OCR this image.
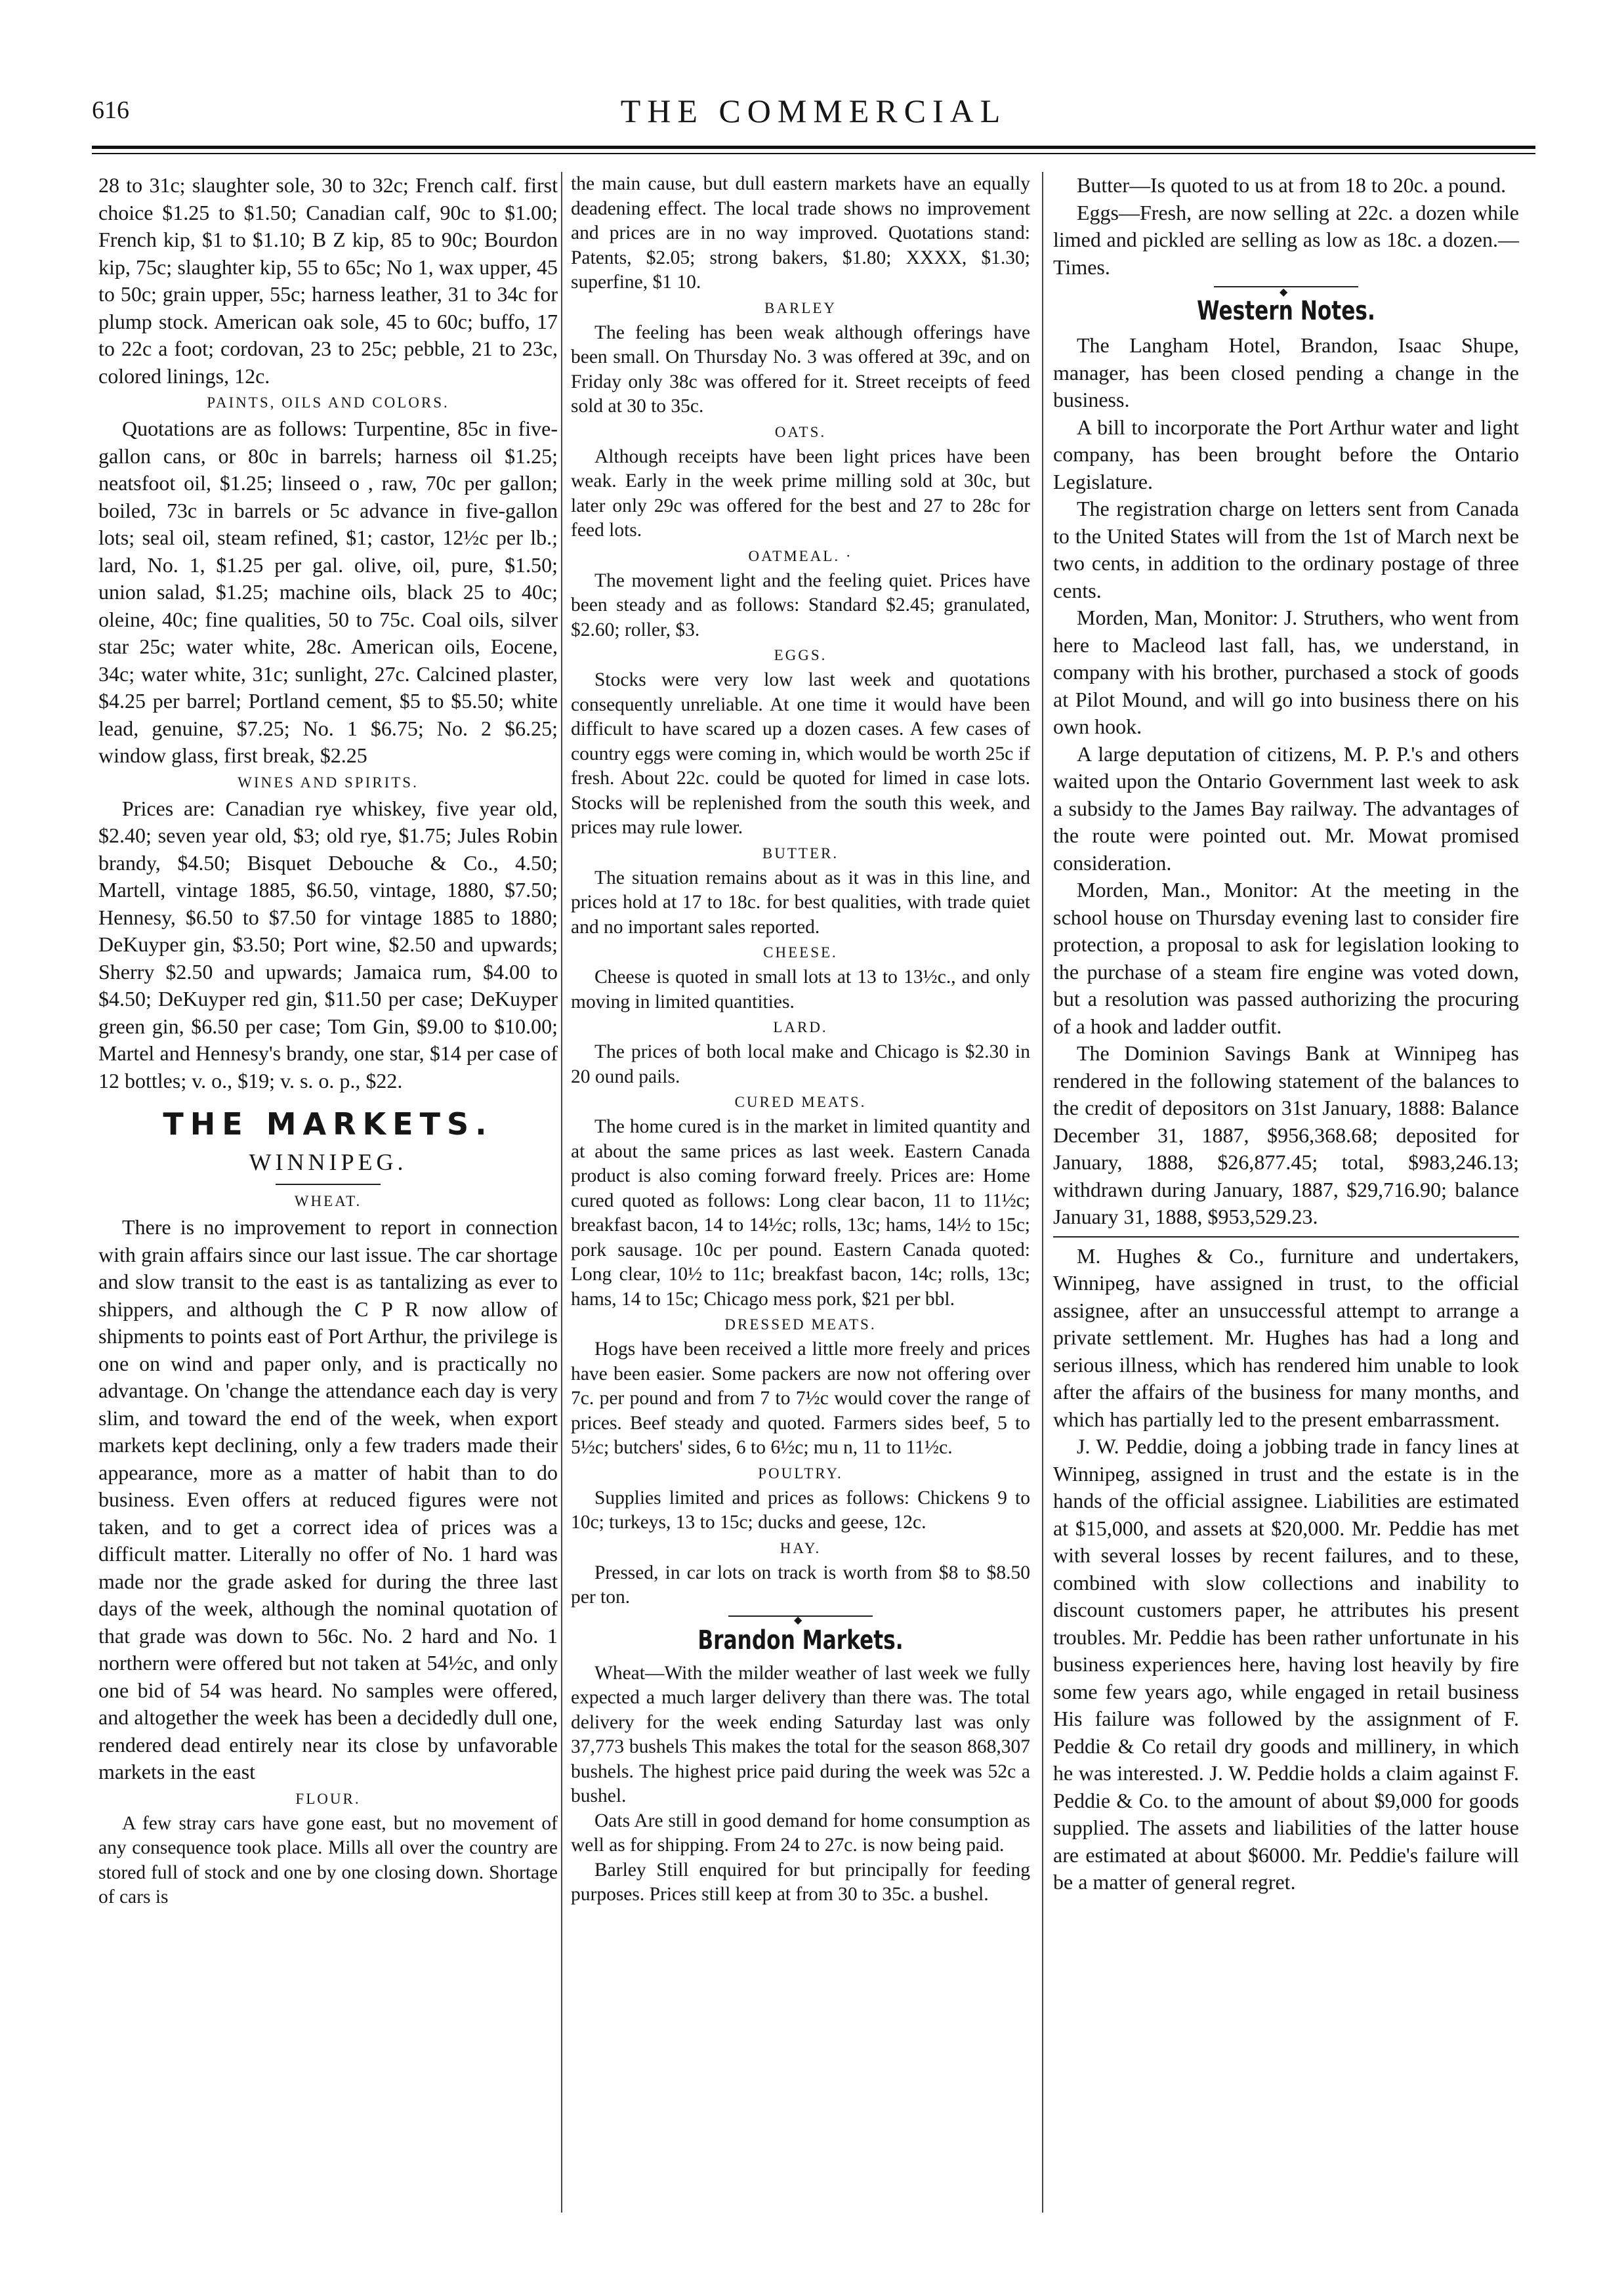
616	THE COMMERCIAL

28 to 31c; slaughter sole, 30 to 32c; French calf. first choice $1.25 to $1.50; Canadian calf, 90c to $1.00; French kip, $1 to $1.10; B Z kip, 85 to 90c; Bourdon kip, 75c; slaughter kip, 55 to 65c; No 1, wax upper, 45 to 50c; grain upper, 55c; harness leather, 31 to 34c for plump stock. American oak sole, 45 to 60c; buffo, 17 to 22c a foot; cordovan, 23 to 25c; pebble, 21 to 23c, colored linings, 12c.

PAINTS, OILS AND COLORS.

Quotations are as follows: Turpentine, 85c in five-gallon cans, or 80c in barrels; harness oil $1.25; neatsfoot oil, $1.25; linseed o , raw, 70c per gallon; boiled, 73c in barrels or 5c advance in five-gallon lots; seal oil, steam refined, $1; castor, 12½c per lb.; lard, No. 1, $1.25 per gal. olive, oil, pure, $1.50; union salad, $1.25; machine oils, black 25 to 40c; oleine, 40c; fine qualities, 50 to 75c. Coal oils, silver star 25c; water white, 28c. American oils, Eocene, 34c; water white, 31c; sunlight, 27c. Calcined plaster, $4.25 per barrel; Portland cement, $5 to $5.50; white lead, genuine, $7.25; No. 1 $6.75; No. 2 $6.25; window glass, first break, $2.25

WINES AND SPIRITS.

Prices are: Canadian rye whiskey, five year old, $2.40; seven year old, $3; old rye, $1.75; Jules Robin brandy, $4.50; Bisquet Debouche & Co., 4.50; Martell, vintage 1885, $6.50, vintage, 1880, $7.50; Hennesy, $6.50 to $7.50 for vintage 1885 to 1880; DeKuyper gin, $3.50; Port wine, $2.50 and upwards; Sherry $2.50 and upwards; Jamaica rum, $4.00 to $4.50; DeKuyper red gin, $11.50 per case; DeKuyper green gin, $6.50 per case; Tom Gin, $9.00 to $10.00; Martel and Hennesy's brandy, one star, $14 per case of 12 bottles; v. o., $19; v. s. o. p., $22.

THE MARKETS.
WINNIPEG.
WHEAT.

There is no improvement to report in connection with grain affairs since our last issue. The car shortage and slow transit to the east is as tantalizing as ever to shippers, and although the C P R now allow of shipments to points east of Port Arthur, the privilege is one on wind and paper only, and is practically no advantage. On 'change the attendance each day is very slim, and toward the end of the week, when export markets kept declining, only a few traders made their appearance, more as a matter of habit than to do business. Even offers at reduced figures were not taken, and to get a correct idea of prices was a difficult matter. Literally no offer of No. 1 hard was made nor the grade asked for during the three last days of the week, although the nominal quotation of that grade was down to 56c. No. 2 hard and No. 1 northern were offered but not taken at 54½c, and only one bid of 54 was heard. No samples were offered, and altogether the week has been a decidedly dull one, rendered dead entirely near its close by unfavorable markets in the east

FLOUR.

A few stray cars have gone east, but no movement of any consequence took place. Mills all over the country are stored full of stock and one by one closing down. Shortage of cars is

the main cause, but dull eastern markets have an equally deadening effect. The local trade shows no improvement and prices are in no way improved. Quotations stand: Patents, $2.05; strong bakers, $1.80; XXXX, $1.30; superfine, $1 10.

BARLEY

The feeling has been weak although offerings have been small. On Thursday No. 3 was offered at 39c, and on Friday only 38c was offered for it. Street receipts of feed sold at 30 to 35c.

OATS.

Although receipts have been light prices have been weak. Early in the week prime milling sold at 30c, but later only 29c was offered for the best and 27 to 28c for feed lots.

OATMEAL. ·

The movement light and the feeling quiet. Prices have been steady and as follows: Standard $2.45; granulated, $2.60; roller, $3.

EGGS.

Stocks were very low last week and quotations consequently unreliable. At one time it would have been difficult to have scared up a dozen cases. A few cases of country eggs were coming in, which would be worth 25c if fresh. About 22c. could be quoted for limed in case lots. Stocks will be replenished from the south this week, and prices may rule lower.

BUTTER.

The situation remains about as it was in this line, and prices hold at 17 to 18c. for best qualities, with trade quiet and no important sales reported.

CHEESE.

Cheese is quoted in small lots at 13 to 13½c., and only moving in limited quantities.

LARD.

The prices of both local make and Chicago is $2.30 in 20 ound pails.

CURED MEATS.

The home cured is in the market in limited quantity and at about the same prices as last week. Eastern Canada product is also coming forward freely. Prices are: Home cured quoted as follows: Long clear bacon, 11 to 11½c; breakfast bacon, 14 to 14½c; rolls, 13c; hams, 14½ to 15c; pork sausage. 10c per pound. Eastern Canada quoted: Long clear, 10½ to 11c; breakfast bacon, 14c; rolls, 13c; hams, 14 to 15c; Chicago mess pork, $21 per bbl.

DRESSED MEATS.

Hogs have been received a little more freely and prices have been easier. Some packers are now not offering over 7c. per pound and from 7 to 7½c would cover the range of prices. Beef steady and quoted. Farmers sides beef, 5 to 5½c; butchers' sides, 6 to 6½c; mu n, 11 to 11½c.

POULTRY.

Supplies limited and prices as follows: Chickens 9 to 10c; turkeys, 13 to 15c; ducks and geese, 12c.

HAY.

Pressed, in car lots on track is worth from $8 to $8.50 per ton.

◆
Brandon Markets.

Wheat—With the milder weather of last week we fully expected a much larger delivery than there was. The total delivery for the week ending Saturday last was only 37,773 bushels This makes the total for the season 868,307 bushels. The highest price paid during the week was 52c a bushel.

Oats Are still in good demand for home consumption as well as for shipping. From 24 to 27c. is now being paid.

Barley Still enquired for but principally for feeding purposes. Prices still keep at from 30 to 35c. a bushel.

Butter—Is quoted to us at from 18 to 20c. a pound.

Eggs—Fresh, are now selling at 22c. a dozen while limed and pickled are selling as low as 18c. a dozen.—Times.

◆
Western Notes.

The Langham Hotel, Brandon, Isaac Shupe, manager, has been closed pending a change in the business.

A bill to incorporate the Port Arthur water and light company, has been brought before the Ontario Legislature.

The registration charge on letters sent from Canada to the United States will from the 1st of March next be two cents, in addition to the ordinary postage of three cents.

Morden, Man, Monitor: J. Struthers, who went from here to Macleod last fall, has, we understand, in company with his brother, purchased a stock of goods at Pilot Mound, and will go into business there on his own hook.

A large deputation of citizens, M. P. P.'s and others waited upon the Ontario Government last week to ask a subsidy to the James Bay railway. The advantages of the route were pointed out. Mr. Mowat promised consideration.

Morden, Man., Monitor: At the meeting in the school house on Thursday evening last to consider fire protection, a proposal to ask for legislation looking to the purchase of a steam fire engine was voted down, but a resolution was passed authorizing the procuring of a hook and ladder outfit.

The Dominion Savings Bank at Winnipeg has rendered in the following statement of the balances to the credit of depositors on 31st January, 1888: Balance December 31, 1887, $956,368.68; deposited for January, 1888, $26,877.45; total, $983,246.13; withdrawn during January, 1887, $29,716.90; balance January 31, 1888, $953,529.23.

M. Hughes & Co., furniture and undertakers, Winnipeg, have assigned in trust, to the official assignee, after an unsuccessful attempt to arrange a private settlement. Mr. Hughes has had a long and serious illness, which has rendered him unable to look after the affairs of the business for many months, and which has partially led to the present embarrassment.

J. W. Peddie, doing a jobbing trade in fancy lines at Winnipeg, assigned in trust and the estate is in the hands of the official assignee. Liabilities are estimated at $15,000, and assets at $20,000. Mr. Peddie has met with several losses by recent failures, and to these, combined with slow collections and inability to discount customers paper, he attributes his present troubles. Mr. Peddie has been rather unfortunate in his business experiences here, having lost heavily by fire some few years ago, while engaged in retail business His failure was followed by the assignment of F. Peddie & Co retail dry goods and millinery, in which he was interested. J. W. Peddie holds a claim against F. Peddie & Co. to the amount of about $9,000 for goods supplied. The assets and liabilities of the latter house are estimated at about $6000. Mr. Peddie's failure will be a matter of general regret.
